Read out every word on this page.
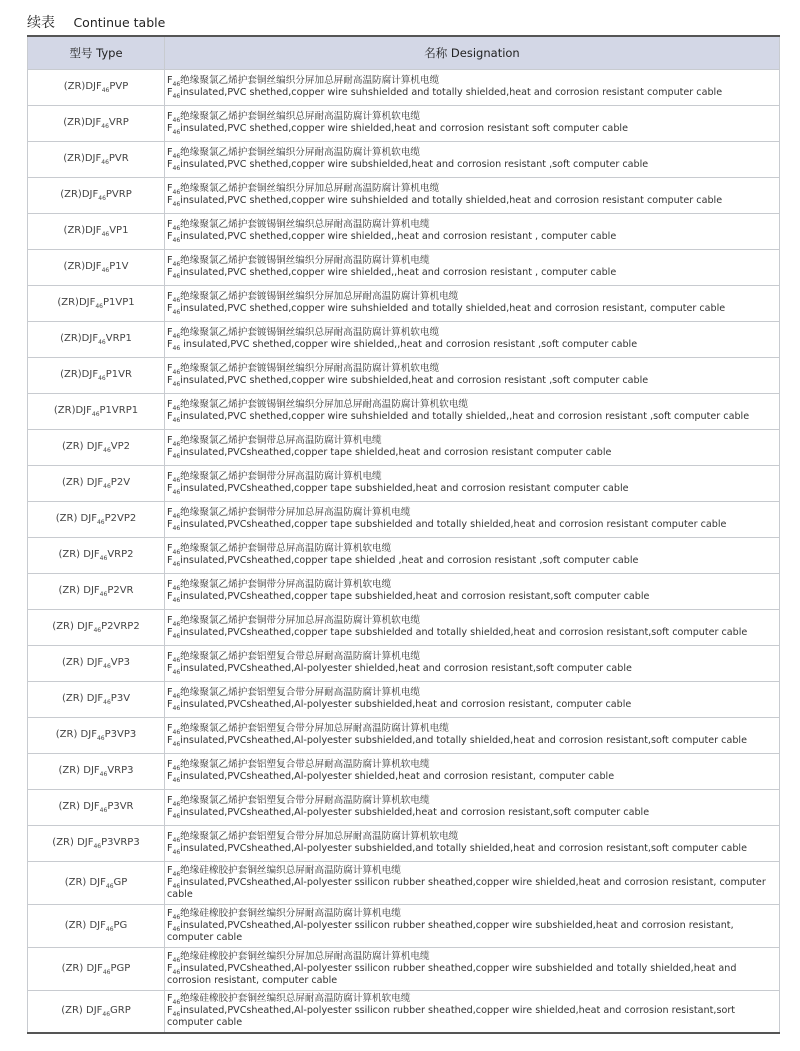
续表 Continue table
型号 Type	名称 Designation
$(ZR)DJF_{46}PVP$	$F_{46}$绝缘聚氯乙烯护套铜丝编织分屏加总屏耐高温防腐计算机电缆
$F_{46}insulated,PVC$ shethed,copper wire suhshielded and totally shielded,heat and corrosion resistant computer cable

$(ZR)DJF_{46}VRP$	$F_{46}$绝缘聚氯乙烯护套铜丝编织总屏耐高温防腐计算机软电缆
$F_{46}insulated,PVC$ shethed,copper wire shielded,heat and corrosion resistant soft computer cable

$(ZR)DJF_{46}PVR$	$F_{46}$绝缘聚氯乙烯护套铜丝编织分屏耐高温防腐计算机软电缆
$F_{46}insulated,PVC$ shethed,copper wire subshielded,heat and corrosion resistant ,soft computer cable

$(ZR)DJF_{46}PVRP$	$F_{46}$绝缘聚氯乙烯护套铜丝编织分屏加总屏耐高温防腐计算机电缆
$F_{46}insulated,PVC$ shethed,copper wire suhshielded and totally shielded,heat and corrosion resistant computer cable

$(ZR)DJF_{46}VP1$	$F_{46}$绝缘聚氯乙烯护套镀锡铜丝编织总屏耐高温防腐计算机电缆
$F_{46}insulated,PVC$ shethed,copper wire shielded,,heat and corrosion resistant , computer cable

$(ZR)DJF_{46}P1V$	$F_{46}$绝缘聚氯乙烯护套镀锡铜丝编织分屏耐高温防腐计算机电缆
$F_{46}insulated,PVC$ shethed,copper wire shielded,,heat and corrosion resistant , computer cable

$(ZR)DJF_{46}P1VP1$	$F_{46}$绝缘聚氯乙烯护套镀锡铜丝编织分屏加总屏耐高温防腐计算机电缆
$F_{46}insulated,PVC$ shethed,copper wire suhshielded and totally shielded,heat and corrosion resistant, computer cable

$(ZR)DJF_{46}VRP1$	$F_{46}$绝缘聚氯乙烯护套镀锡铜丝编织总屏耐高温防腐计算机软电缆
$F_{46}$ insulated,PVC shethed,copper wire shielded,,heat and corrosion resistant ,soft computer cable

$(ZR)DJF_{46}P1VR$	$F_{46}$绝缘聚氯乙烯护套镀锡铜丝编织分屏耐高温防腐计算机软电缆
$F_{46}insulated,PVC$ shethed,copper wire subshielded,heat and corrosion resistant ,soft computer cable

$(ZR)DJF_{46}P1VRP1$	$F_{46}$绝缘聚氯乙烯护套镀锡铜丝编织分屏加总屏耐高温防腐计算机软电缆
$F_{46}insulated,PVC$ shethed,copper wire suhshielded and totally shielded,,heat and corrosion resistant ,soft computer cable

(ZR) $DJF_{46}VP2$	$F_{46}$绝缘聚氯乙烯护套铜带总屏高温防腐计算机电缆
$F_{46}insulated,PVCsheathed,copper$ tape shielded,heat and corrosion resistant computer cable

(ZR) $DJF_{46}P2V$	$F_{46}$绝缘聚氯乙烯护套铜带分屏高温防腐计算机电缆
$F_{46}insulated,PVCsheathed,copper$ tape subshielded,heat and corrosion resistant computer cable

(ZR) $DJF_{46}P2VP2$	$F_{46}$绝缘聚氯乙烯护套铜带分屏加总屏高温防腐计算机电缆
$F_{46}insulated,PVCsheathed,copper$ tape subshielded and totally shielded,heat and corrosion resistant computer cable

(ZR) $DJF_{46}VRP2$	$F_{46}$绝缘聚氯乙烯护套铜带总屏高温防腐计算机软电缆
$F_{46}insulated,PVCsheathed,copper$ tape shielded ,heat and corrosion resistant ,soft computer cable

(ZR) $DJF_{46}P2VR$	$F_{46}$绝缘聚氯乙烯护套铜带分屏高温防腐计算机软电缆
$F_{46}insulated,PVCsheathed,copper$ tape subshielded,heat and corrosion resistant,soft computer cable

(ZR) $DJF_{46}P2VRP2$	$F_{46}$绝缘聚氯乙烯护套铜带分屏加总屏高温防腐计算机软电缆
$F_{46}insulated,PVCsheathed,copper$ tape subshielded and totally shielded,heat and corrosion resistant,soft computer cable

(ZR) $DJF_{46}VP3$	$F_{46}$绝缘聚氯乙烯护套铝塑复合带总屏耐高温防腐计算机电缆
$F_{46}insulated,PVCsheathed,Al$-polyester shielded,heat and corrosion resistant,soft computer cable

(ZR) $DJF_{46}P3V$	$F_{46}$绝缘聚氯乙烯护套铝塑复合带分屏耐高温防腐计算机电缆
$F_{46}insulated,PVCsheathed,Al$-polyester subshielded,heat and corrosion resistant, computer cable

(ZR) $DJF_{46}P3VP3$	$F_{46}$绝缘聚氯乙烯护套铝塑复合带分屏加总屏耐高温防腐计算机电缆
$F_{46}insulated,PVCsheathed,Al$-polyester subshielded,and totally shielded,heat and corrosion resistant,soft computer cable

(ZR) $DJF_{46}VRP3$	$F_{46}$绝缘聚氯乙烯护套铝塑复合带总屏耐高温防腐计算机软电缆
$F_{46}insulated,PVCsheathed,Al$-polyester shielded,heat and corrosion resistant, computer cable

(ZR) $DJF_{46}P3VR$	$F_{46}$绝缘聚氯乙烯护套铝塑复合带分屏耐高温防腐计算机软电缆
$F_{46}insulated,PVCsheathed,Al$-polyester subshielded,heat and corrosion resistant,soft computer cable

(ZR) $DJF_{46}P3VRP3$	$F_{46}$绝缘聚氯乙烯护套铝塑复合带分屏加总屏耐高温防腐计算机软电缆
$F_{46}insulated,PVCsheathed,Al$-polyester subshielded,and totally shielded,heat and corrosion resistant,soft computer cable

(ZR) $DJF_{46}GP$	$F_{46}$绝缘硅橡胶护套铜丝编织总屏耐高温防腐计算机电缆
$F_{46}insulated,PVCsheathed,Al$-polyester ssilicon rubber sheathed,copper wire shielded,heat and corrosion resistant, computer cable

(ZR) $DJF_{46}PG$	$F_{46}$绝缘硅橡胶护套铜丝编织分屏耐高温防腐计算机电缆
$F_{46}insulated,PVCsheathed,Al$-polyester ssilicon rubber sheathed,copper wire subshielded,heat and corrosion resistant, computer cable

(ZR) $DJF_{46}PGP$	$F_{46}$绝缘硅橡胶护套铜丝编织分屏加总屏耐高温防腐计算机电缆
$F_{46}insulated,PVCsheathed,Al$-polyester ssilicon rubber sheathed,copper wire subshielded and totally shielded,heat and corrosion resistant, computer cable

(ZR) $DJF_{46}GRP$	$F_{46}$绝缘硅橡胶护套铜丝编织总屏耐高温防腐计算机软电缆
$F_{46}insulated,PVCsheathed,Al$-polyester ssilicon rubber sheathed,copper wire shielded,heat and corrosion resistant,sort computer cable
